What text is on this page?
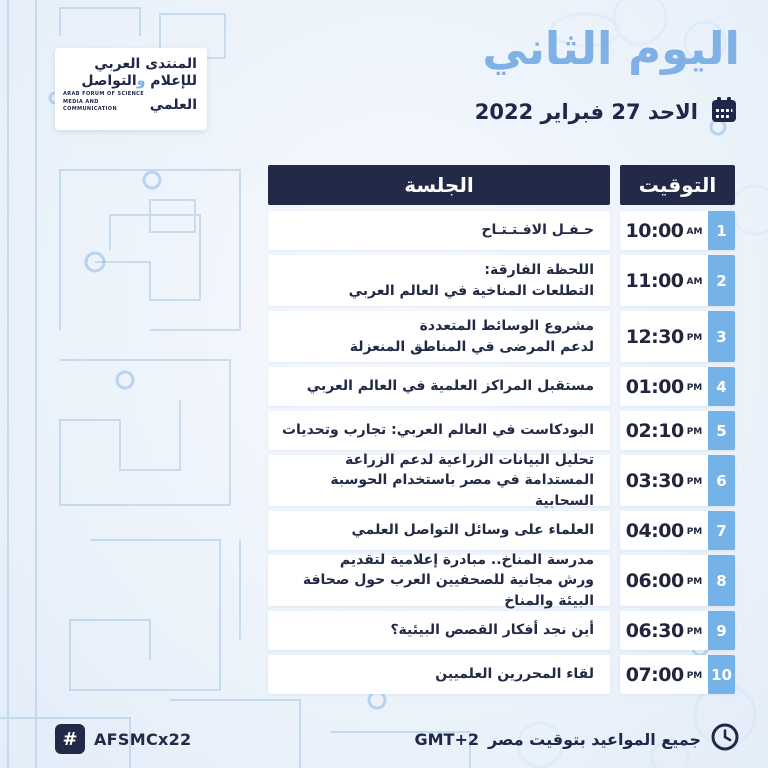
المنتدى العربي
للإعلام والتواصل
العلمي
ARAB FORUM OF SCIENCE
MEDIA AND COMMUNICATION
اليوم الثاني
الاحد 27 فبراير 2022
التوقيت
الجلسة
10:00 AM 1
حـفـل الافـتـتـاح
11:00 AM 2
اللحظة الفارقة:
التطلعات المناخية في العالم العربي
12:30 PM 3
مشروع الوسائط المتعددة
لدعم المرضى في المناطق المنعزلة
01:00 PM 4
مستقبل المراكز العلمية في العالم العربي
02:10 PM 5
البودكاست في العالم العربي: تجارب وتحديات
03:30 PM 6
تحليل البيانات الزراعية لدعم الزراعة
المستدامة في مصر باستخدام الحوسبة السحابية
04:00 PM 7
العلماء على وسائل التواصل العلمي
06:00 PM 8
مدرسة المناخ.. مبادرة إعلامية لتقديم
ورش مجانية للصحفيين العرب حول صحافة البيئة والمناخ
06:30 PM 9
أين نجد أفكار القصص البيئية؟
07:00 PM 10
لقاء المحررين العلميين
#	AFSMCx22	جميع المواعيد بتوقيت مصر
GMT+2
